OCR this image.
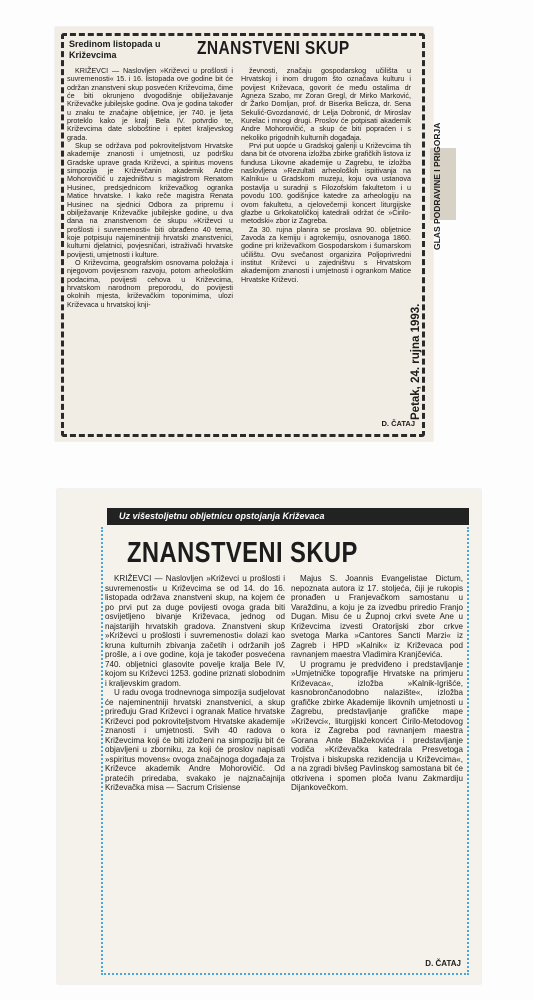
Sredinom listopada u Križevcima	ZNANSTVENI SKUP

KRIŽEVCI — Naslovljen »Križevci u prošlosti i suvremenosti« 15. i 16. listopada ove godine bit će održan znanstveni skup posvećen Križevcima, čime će biti okrunjeno dvogodišnje obilježavanje Križevačke jubilejske godine. Ova je godina također u znaku te značajne obljetnice, jer 740. je ljeta proteklo kako je kralj Bela IV. potvrdio te, Križevcima date sloboštine i epitet kraljevskog grada.

Skup se održava pod pokroviteljstvom Hrvatske akademije znanosti i umjetnosti, uz podršku Gradske uprave grada Križevci, a spiritus movens simpozija je Križevčanin akademik Andre Mohorovičić u zajedništvu s magistrom Renatom Husinec, predsjednicom križevačkog ogranka Matice hrvatske. I kako reče magistra Renata Husinec na sjednici Odbora za pripremu i obilježavanje Križevačke jubilejske godine, u dva dana na znanstvenom će skupu »Križevci u prošlosti i suvremenosti« biti obrađeno 40 tema, koje potpisuju najeminentniji hrvatski znanstvenici, kulturni djelatnici, povjesničari, istraživači hrvatske povijesti, umjetnosti i kulture.

O Križevcima, geografskim osnovama položaja i njegovom povijesnom razvoju, potom arheološkim podacima, povijesti cehova u Križevcima, hrvatskom narodnom preporodu, do povijesti okolnih mjesta, križevačkim toponimima, ulozi Križevaca u hrvatskoj knji-

ževnosti, značaju gospodarskog učilišta u Hrvatskoj i inom drugom što označava kulturu i povijest Križevaca, govorit će među ostalima dr Agneza Szabo, mr Zoran Gregl, dr Mirko Marković, dr Žarko Domljan, prof. dr Biserka Belicza, dr. Sena Sekulić-Gvozdanović, dr Lelja Dobronić, dr Miroslav Kurelac i mnogi drugi. Proslov će potpisati akademik Andre Mohorovičić, a skup će biti popraćen i s nekoliko prigodnih kulturnih događaja.

Prvi put uopće u Gradskoj galeriji u Križevcima tih dana bit će otvorena izložba zbirke grafičkih listova iz fundusa Likovne akademije u Zagrebu, te izložba naslovljena »Rezultati arheoloških ispitivanja na Kalniku« u Gradskom muzeju, koju ova ustanova postavlja u suradnji s Filozofskim fakultetom i u povodu 100. godišnjice katedre za arheologiju na ovom fakultetu, a cjelovečernji koncert liturgijske glazbe u Grkokatoličkoj katedrali održat će »Ćirilo-metodski« zbor iz Zagreba.

Za 30. rujna planira se proslava 90. obljetnice Zavoda za kemiju i agrokemiju, osnovanoga 1860. godine pri križevačkom Gospodarskom i šumarskom učilištu. Ovu svečanost organizira Poljoprivredni institut Križevci u zajedništvu s Hrvatskom akademijom znanosti i umjetnosti i ogrankom Matice Hrvatske Križevci.

D. ČATAJ
GLAS PODRAVINE I PRIGORJA
Petak, 24. rujna 1993.
Uz višestoljetnu obljetnicu opstojanja Križevaca
ZNANSTVENI SKUP

KRIŽEVCI — Naslovljen »Križevci u prošlosti i suvremenosti« u Križevcima se od 14. do 16. listopada održava znanstveni skup, na kojem će po prvi put za duge povijesti ovoga grada biti osvijetljeno bivanje Križevaca, jednog od najstarijih hrvatskih gradova. Znanstveni skup »Križevci u prošlosti i suvremenosti« dolazi kao kruna kulturnih zbivanja začetih i održanih još prošle, a i ove godine, koja je također posvećena 740. obljetnici glasovite povelje kralja Bele IV, kojom su Križevci 1253. godine priznati slobodnim i kraljevskim gradom.

U radu ovoga trodnevnoga simpozija sudjelovat će najeminentniji hrvatski znanstvenici, a skup priređuju Grad Križevci i ogranak Matice hrvatske Križevci pod pokroviteljstvom Hrvatske akademije znanosti i umjetnosti. Svih 40 radova o Križevcima koji će biti izloženi na simpoziju bit će objavljeni u zborniku, za koji će proslov napisati »spiritus movens« ovoga značajnoga događaja za Križevce akademik Andre Mohorovičić. Od pratećih priredaba, svakako je najznačajnija Križevačka misa — Sacrum Crisiense

Majus S. Joannis Evangelistae Dictum, nepoznata autora iz 17. stoljeća, čiji je rukopis pronađen u Franjevačkom samostanu u Varaždinu, a koju je za izvedbu priredio Franjo Dugan. Misu će u Župnoj crkvi svete Ane u Križevcima izvesti Oratorijski zbor crkve svetoga Marka »Cantores Sancti Marzi« iz Zagreb i HPD »Kalnik« iz Križevaca pod ravnanjem maestra Vladimira Kranjčevića.

U programu je predviđeno i predstavljanje »Umjetničke topografije Hrvatske na primjeru Križevaca«, izložba »Kalnik-Igrišće, kasnobrončanodobno nalazište«, izložba grafičke zbirke Akademije likovnih umjetnosti u Zagrebu, predstavljanje grafičke mape »Križevci«, liturgijski koncert Ćirilo-Metodovog kora iz Zagreba pod ravnanjem maestra Gorana Ante Blažekovića i predstavljanje vodiča »Križevačka katedrala Presvetoga Trojstva i biskupska rezidencija u Križevcima«, a na zgradi bivšeg Pavlinskog samostana bit će otkrivena i spomen ploča Ivanu Zakmardiju Dijankovečkom.

D. ČATAJ
